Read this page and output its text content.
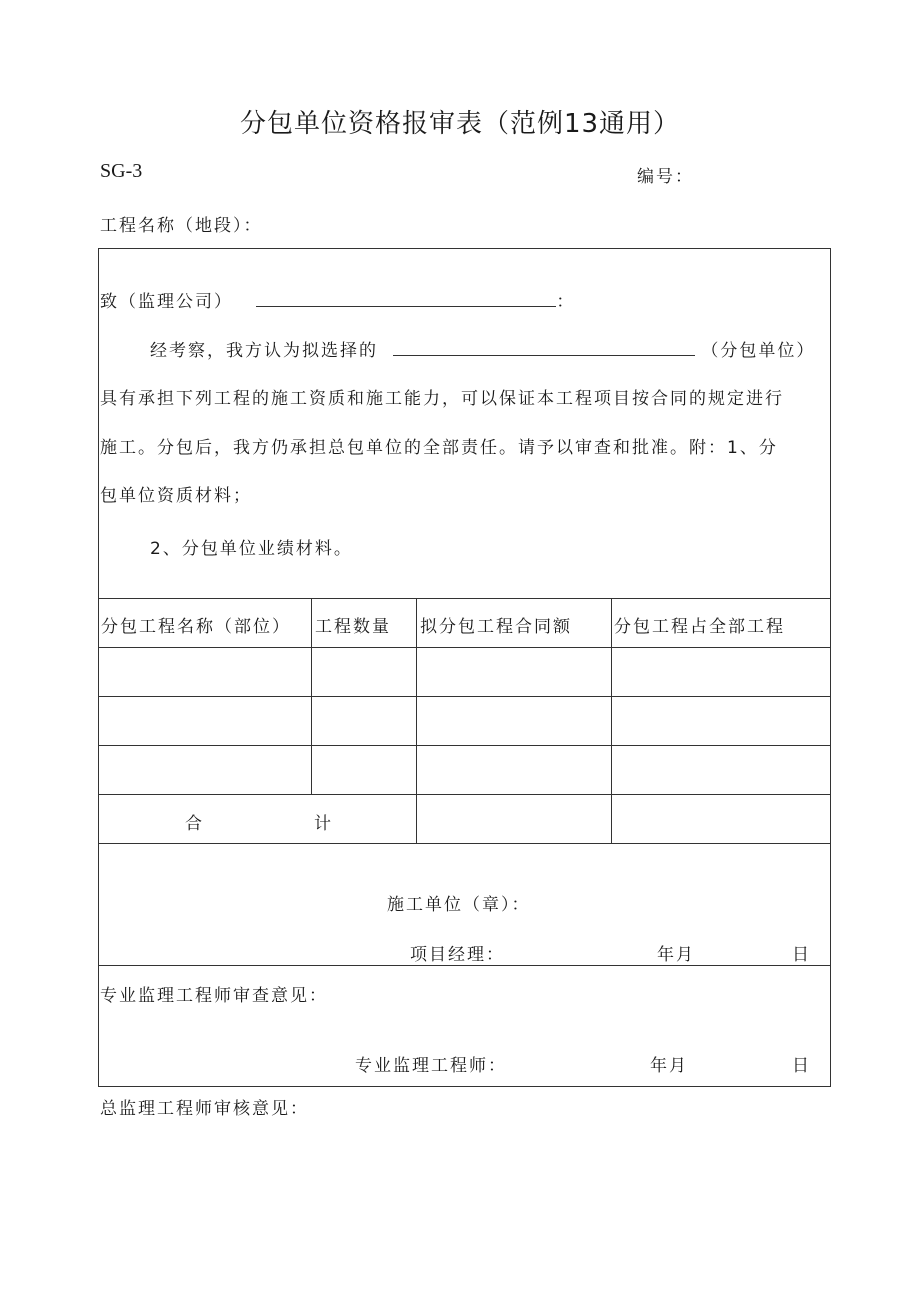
分包单位资格报审表（范例13通用）
SG-3	编号：
工程名称（地段）：
致（监理公司）	：
经考察，我方认为拟选择的	（分包单位）
具有承担下列工程的施工资质和施工能力，可以保证本工程项目按合同的规定进行
施工。分包后，我方仍承担总包单位的全部责任。请予以审查和批准。附：1、分
包单位资质材料；
2、分包单位业绩材料。
分包工程名称（部位） 工程数量 拟分包工程合同额 分包工程占全部工程
合	计
施工单位（章）：
项目经理：	年月	日
专业监理工程师审查意见：
专业监理工程师：	年月	日
总监理工程师审核意见：
